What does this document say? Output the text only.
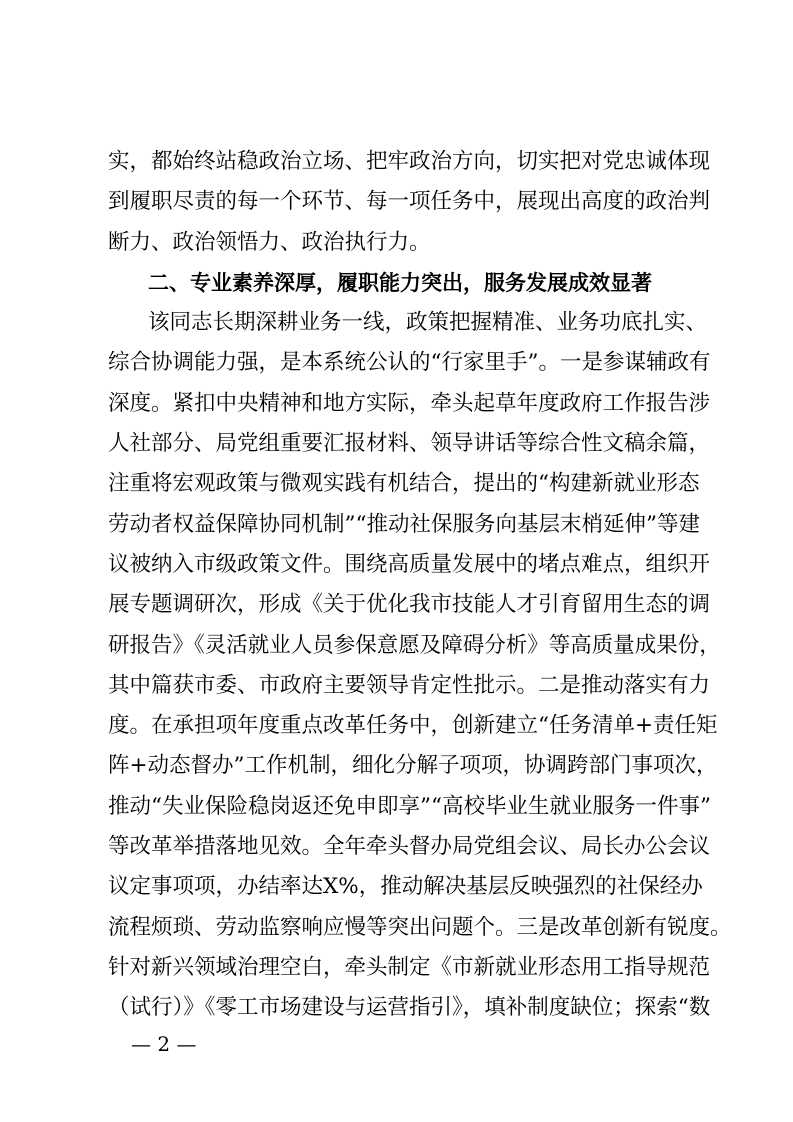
实，都始终站稳政治立场、把牢政治方向，切实把对党忠诚体现
到履职尽责的每一个环节、每一项任务中，展现出高度的政治判
断力、政治领悟力、政治执行力。
二、专业素养深厚，履职能力突出，服务发展成效显著
该同志长期深耕业务一线，政策把握精准、业务功底扎实、
综合协调能力强，是本系统公认的“行家里手”。一是参谋辅政有
深度。紧扣中央精神和地方实际，牵头起草年度政府工作报告涉
人社部分、局党组重要汇报材料、领导讲话等综合性文稿余篇，
注重将宏观政策与微观实践有机结合，提出的“构建新就业形态
劳动者权益保障协同机制”“推动社保服务向基层末梢延伸”等建
议被纳入市级政策文件。围绕高质量发展中的堵点难点，组织开
展专题调研次，形成《关于优化我市技能人才引育留用生态的调
研报告》《灵活就业人员参保意愿及障碍分析》等高质量成果份，
其中篇获市委、市政府主要领导肯定性批示。二是推动落实有力
度。在承担项年度重点改革任务中，创新建立“任务清单+责任矩
阵+动态督办”工作机制，细化分解子项项，协调跨部门事项次，
推动“失业保险稳岗返还免申即享”“高校毕业生就业服务一件事”
等改革举措落地见效。全年牵头督办局党组会议、局长办公会议
议定事项项，办结率达X%，推动解决基层反映强烈的社保经办
流程烦琐、劳动监察响应慢等突出问题个。三是改革创新有锐度。
针对新兴领域治理空白，牵头制定《市新就业形态用工指导规范
（试行）》《零工市场建设与运营指引》，填补制度缺位；探索“数
— 2 —
